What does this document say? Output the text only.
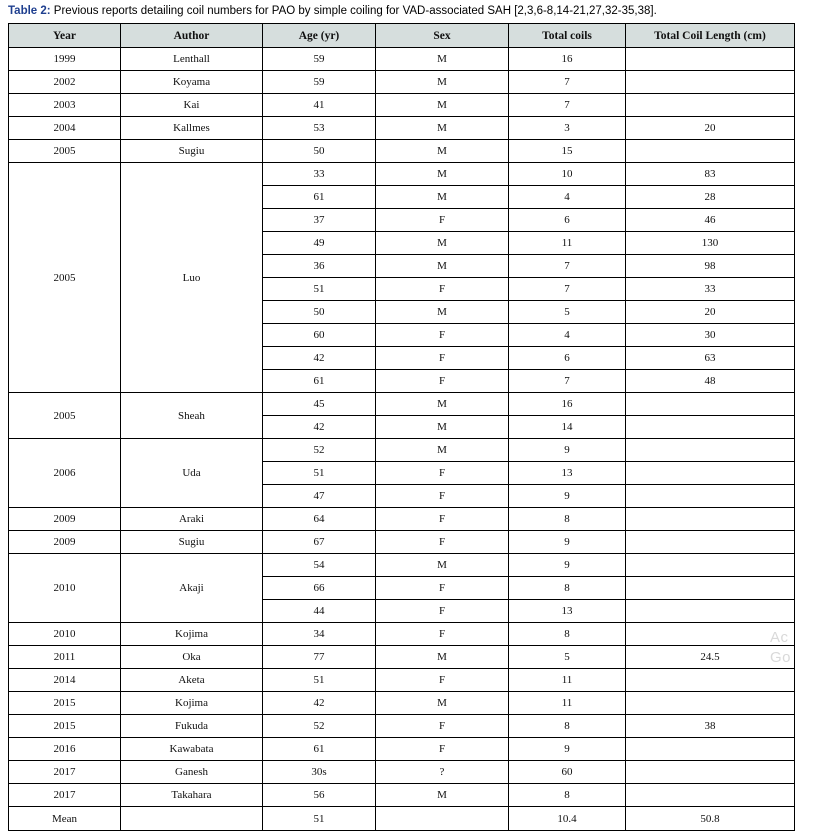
Table 2: Previous reports detailing coil numbers for PAO by simple coiling for VAD-associated SAH [2,3,6-8,14-21,27,32-35,38].
Year	Author	Age (yr)	Sex	Total coils	Total Coil Length (cm)
1999	Lenthall	59	M	16	
2002	Koyama	59	M	7	
2003	Kai	41	M	7	
2004	Kallmes	53	M	3	20
2005	Sugiu	50	M	15	
2005	Luo	33	M	10	83
		61	M	4	28
		37	F	6	46
		49	M	11	130
		36	M	7	98
		51	F	7	33
		50	M	5	20
		60	F	4	30
		42	F	6	63
		61	F	7	48
2005	Sheah	45	M	16	
		42	M	14	
2006	Uda	52	M	9	
		51	F	13	
		47	F	9	
2009	Araki	64	F	8	
2009	Sugiu	67	F	9	
2010	Akaji	54	M	9	
		66	F	8	
		44	F	13	
2010	Kojima	34	F	8	
2011	Oka	77	M	5	24.5
2014	Aketa	51	F	11	
2015	Kojima	42	M	11	
2015	Fukuda	52	F	8	38
2016	Kawabata	61	F	9	
2017	Ganesh	30s	?	60	
2017	Takahara	56	M	8	
Mean		51		10.4	50.8
Ac
Go
